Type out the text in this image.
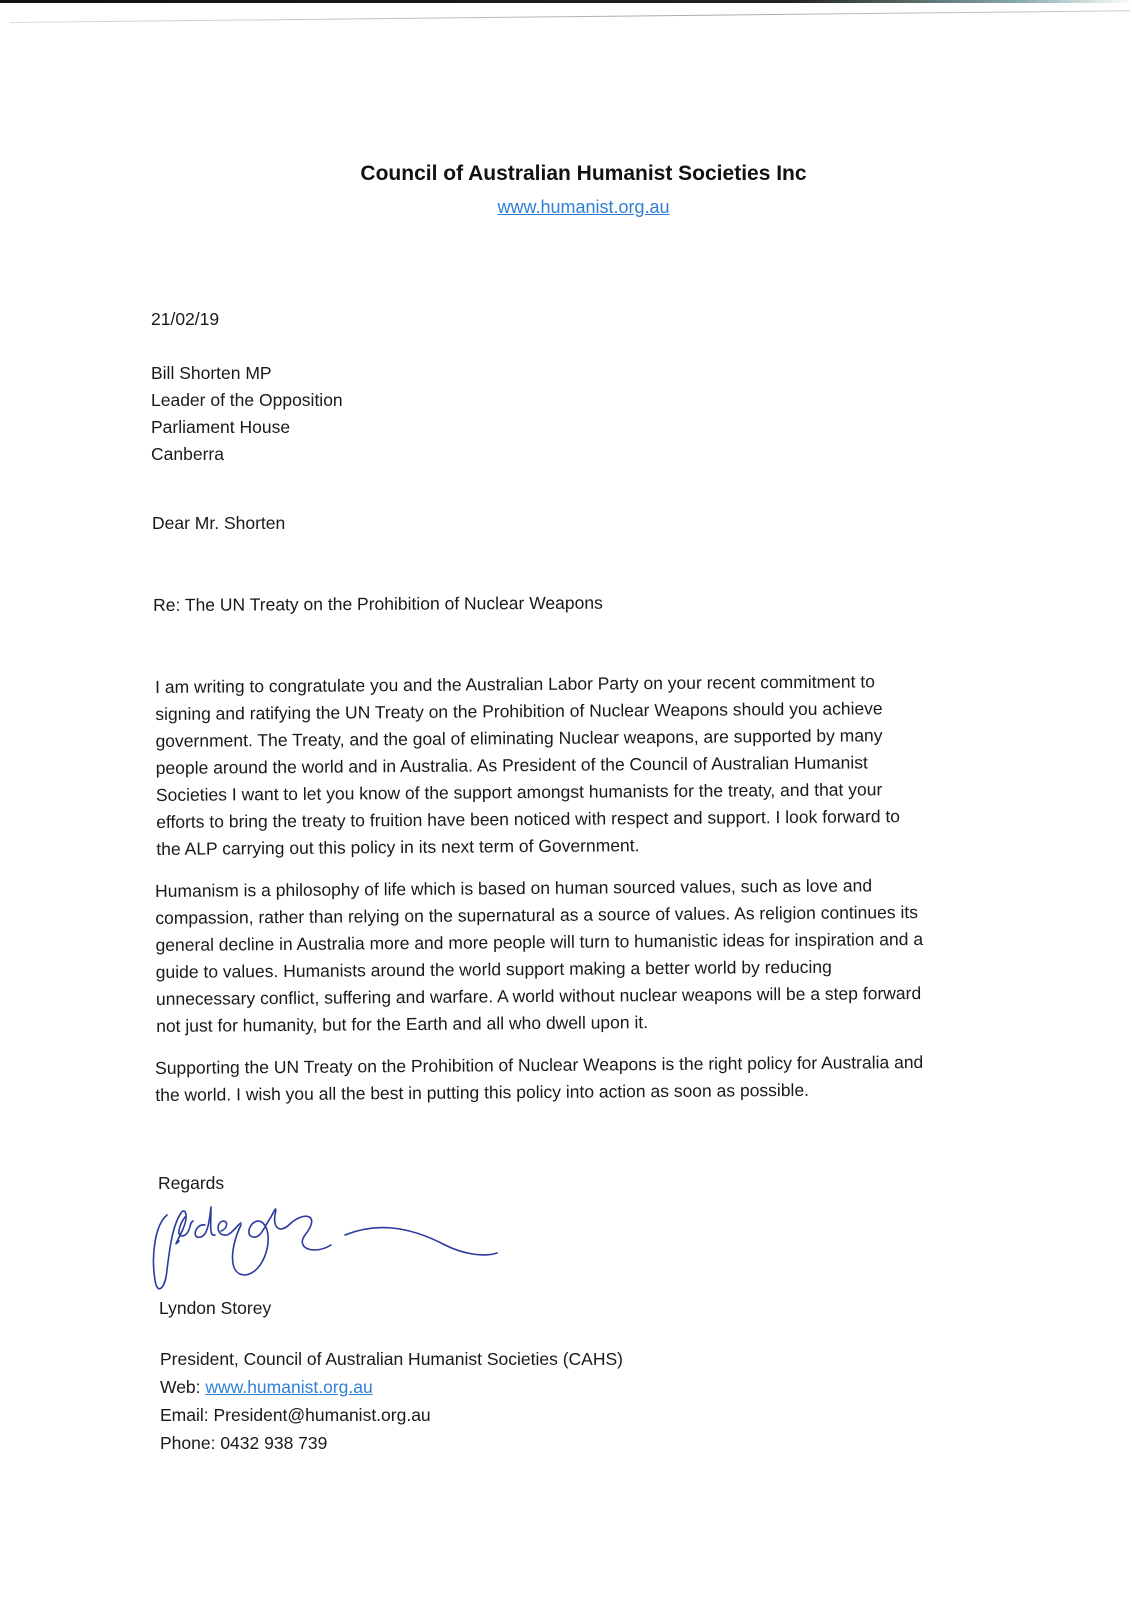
Council of Australian Humanist Societies Inc
www.humanist.org.au
21/02/19
Bill Shorten MP
Leader of the Opposition
Parliament House
Canberra
Dear Mr. Shorten
Re: The UN Treaty on the Prohibition of Nuclear Weapons
I am writing to congratulate you and the Australian Labor Party on your recent commitment to
signing and ratifying the UN Treaty on the Prohibition of Nuclear Weapons should you achieve
government. The Treaty, and the goal of eliminating Nuclear weapons, are supported by many
people around the world and in Australia. As President of the Council of Australian Humanist
Societies I want to let you know of the support amongst humanists for the treaty, and that your
efforts to bring the treaty to fruition have been noticed with respect and support. I look forward to
the ALP carrying out this policy in its next term of Government.
Humanism is a philosophy of life which is based on human sourced values, such as love and
compassion, rather than relying on the supernatural as a source of values. As religion continues its
general decline in Australia more and more people will turn to humanistic ideas for inspiration and a
guide to values. Humanists around the world support making a better world by reducing
unnecessary conflict, suffering and warfare. A world without nuclear weapons will be a step forward
not just for humanity, but for the Earth and all who dwell upon it.
Supporting the UN Treaty on the Prohibition of Nuclear Weapons is the right policy for Australia and
the world. I wish you all the best in putting this policy into action as soon as possible.
Regards
Lyndon Storey
President, Council of Australian Humanist Societies (CAHS)
Web: www.humanist.org.au
Email: President@humanist.org.au
Phone: 0432 938 739
